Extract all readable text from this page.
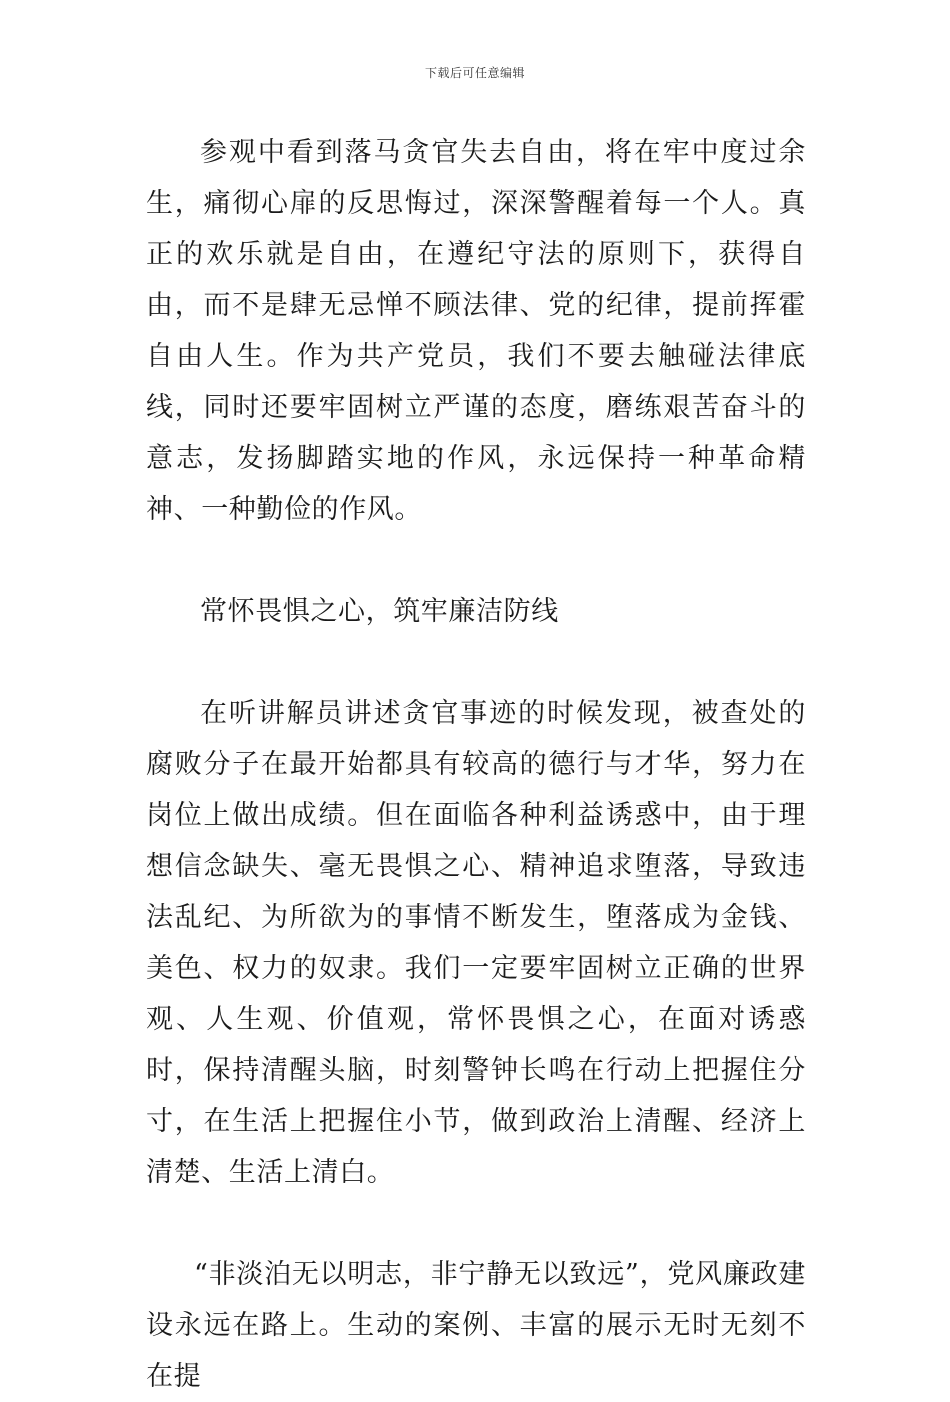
下载后可任意编辑

参观中看到落马贪官失去自由，将在牢中度过余生，痛彻心扉的反思悔过，深深警醒着每一个人。真正的欢乐就是自由，在遵纪守法的原则下，获得自由，而不是肆无忌惮不顾法律、党的纪律，提前挥霍自由人生。作为共产党员，我们不要去触碰法律底线，同时还要牢固树立严谨的态度，磨练艰苦奋斗的意志，发扬脚踏实地的作风，永远保持一种革命精神、一种勤俭的作风。

常怀畏惧之心，筑牢廉洁防线

在听讲解员讲述贪官事迹的时候发现，被查处的腐败分子在最开始都具有较高的德行与才华，努力在岗位上做出成绩。但在面临各种利益诱惑中，由于理想信念缺失、毫无畏惧之心、精神追求堕落，导致违法乱纪、为所欲为的事情不断发生，堕落成为金钱、美色、权力的奴隶。我们一定要牢固树立正确的世界观、人生观、价值观，常怀畏惧之心，在面对诱惑时，保持清醒头脑，时刻警钟长鸣在行动上把握住分寸，在生活上把握住小节，做到政治上清醒、经济上清楚、生活上清白。

“非淡泊无以明志，非宁静无以致远”，党风廉政建设永远在路上。生动的案例、丰富的展示无时无刻不在提
